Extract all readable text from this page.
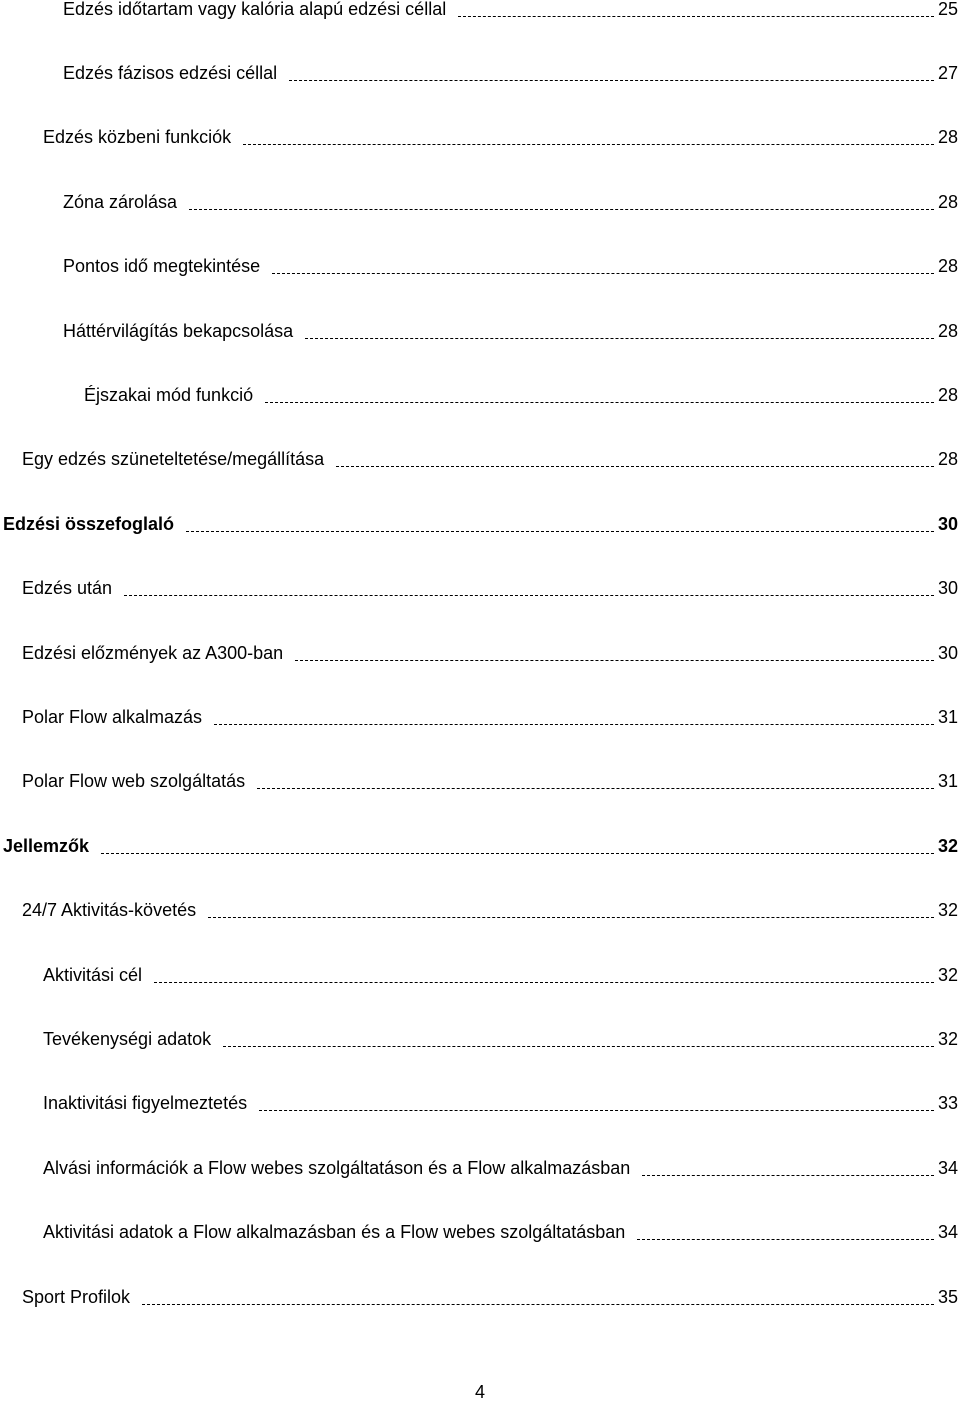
Edzés időtartam vagy kalória alapú edzési céllal	25
Edzés fázisos edzési céllal	27
Edzés közbeni funkciók	28
Zóna zárolása	28
Pontos idő megtekintése	28
Háttérvilágítás bekapcsolása	28
Éjszakai mód funkció	28
Egy edzés szüneteltetése/megállítása	28
Edzési összefoglaló	30
Edzés után	30
Edzési előzmények az A300-ban	30
Polar Flow alkalmazás	31
Polar Flow web szolgáltatás	31
Jellemzők	32
24/7 Aktivitás-követés	32
Aktivitási cél	32
Tevékenységi adatok	32
Inaktivitási figyelmeztetés	33
Alvási információk a Flow webes szolgáltatáson és a Flow alkalmazásban	34
Aktivitási adatok a Flow alkalmazásban és a Flow webes szolgáltatásban	34
Sport Profilok	35
4
